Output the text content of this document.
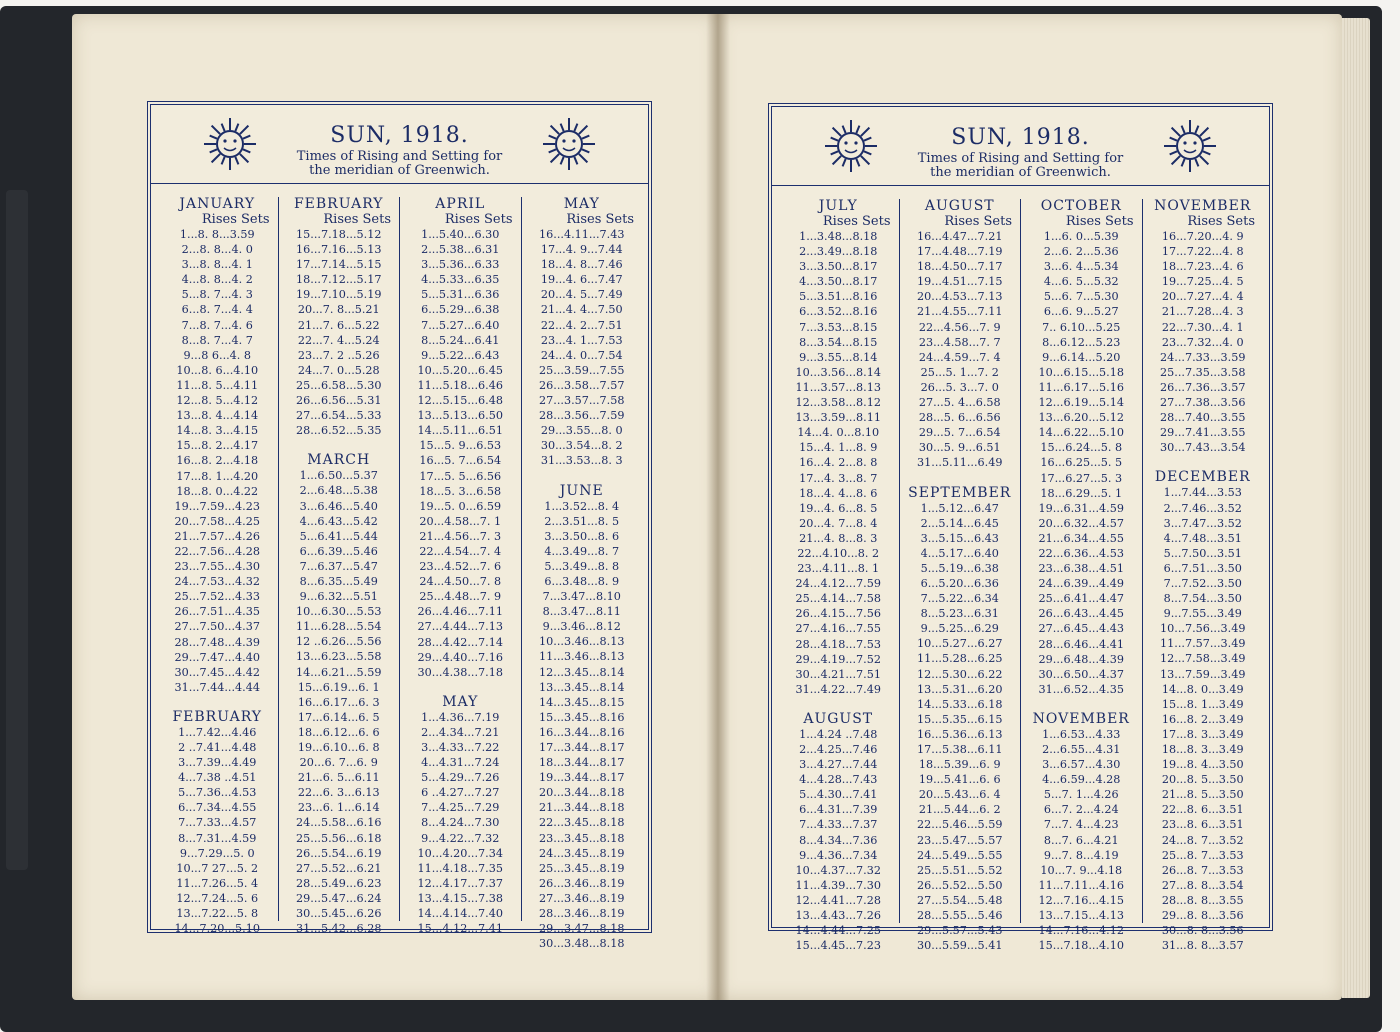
SUN, 1918.
Times of Rising and Setting for
the meridian of Greenwich.
JANUARY
Rises Sets
1...8. 8...3.59
2...8. 8...4. 0
3...8. 8...4. 1
4...8. 8...4. 2
5...8. 7...4. 3
6...8. 7...4. 4
7...8. 7...4. 6
8...8. 7...4. 7
9...8 6...4. 8
10...8. 6...4.10
11...8. 5...4.11
12...8. 5...4.12
13...8. 4...4.14
14...8. 3...4.15
15...8. 2...4.17
16...8. 2...4.18
17...8. 1...4.20
18...8. 0...4.22
19...7.59...4.23
20...7.58...4.25
21...7.57...4.26
22...7.56...4.28
23...7.55...4.30
24...7.53...4.32
25...7.52...4.33
26...7.51...4.35
27...7.50...4.37
28...7.48...4.39
29...7.47...4.40
30...7.45...4.42
31...7.44...4.44
FEBRUARY
1...7.42...4.46
2 ..7.41...4.48
3...7.39...4.49
4...7.38 ..4.51
5...7.36...4.53
6...7.34...4.55
7...7.33...4.57
8...7.31...4.59
9...7.29...5. 0
10...7 27...5. 2
11...7.26...5. 4
12...7.24...5. 6
13...7.22...5. 8
14...7.20...5.10
FEBRUARY
Rises Sets
15...7.18...5.12
16...7.16...5.13
17...7.14...5.15
18...7.12...5.17
19...7.10...5.19
20...7. 8...5.21
21...7. 6...5.22
22...7. 4...5.24
23...7. 2 ..5.26
24...7. 0...5.28
25...6.58...5.30
26...6.56...5.31
27...6.54...5.33
28...6.52...5.35
MARCH
1...6.50...5.37
2...6.48...5.38
3...6.46...5.40
4...6.43...5.42
5...6.41...5.44
6...6.39...5.46
7...6.37...5.47
8...6.35...5.49
9...6.32...5.51
10...6.30...5.53
11...6.28...5.54
12 ..6.26...5.56
13...6.23...5.58
14...6.21...5.59
15...6.19...6. 1
16...6.17...6. 3
17...6.14...6. 5
18...6.12...6. 6
19...6.10...6. 8
20...6. 7...6. 9
21...6. 5...6.11
22...6. 3...6.13
23...6. 1...6.14
24...5.58...6.16
25...5.56...6.18
26...5.54...6.19
27...5.52...6.21
28...5.49...6.23
29...5.47...6.24
30...5.45...6.26
31...5.42...6.28
APRIL
Rises Sets
1...5.40...6.30
2...5.38...6.31
3...5.36...6.33
4...5.33...6.35
5...5.31...6.36
6...5.29...6.38
7...5.27...6.40
8...5.24...6.41
9...5.22...6.43
10...5.20...6.45
11...5.18...6.46
12...5.15...6.48
13...5.13...6.50
14...5.11...6.51
15...5. 9...6.53
16...5. 7...6.54
17...5. 5...6.56
18...5. 3...6.58
19...5. 0...6.59
20...4.58...7. 1
21...4.56...7. 3
22...4.54...7. 4
23...4.52...7. 6
24...4.50...7. 8
25...4.48...7. 9
26...4.46...7.11
27...4.44...7.13
28...4.42...7.14
29...4.40...7.16
30...4.38...7.18
MAY
1...4.36...7.19
2...4.34...7.21
3...4.33...7.22
4...4.31...7.24
5...4.29...7.26
6 ..4.27...7.27
7...4.25...7.29
8...4.24...7.30
9...4.22...7.32
10...4.20...7.34
11...4.18...7.35
12...4.17...7.37
13...4.15...7.38
14...4.14...7.40
15...4.12...7.41
MAY
Rises Sets
16...4.11...7.43
17...4. 9...7.44
18...4. 8...7.46
19...4. 6...7.47
20...4. 5...7.49
21...4. 4...7.50
22...4. 2...7.51
23...4. 1...7.53
24...4. 0...7.54
25...3.59...7.55
26...3.58...7.57
27...3.57...7.58
28...3.56...7.59
29...3.55...8. 0
30...3.54...8. 2
31...3.53...8. 3
JUNE
1...3.52...8. 4
2...3.51...8. 5
3...3.50...8. 6
4...3.49...8. 7
5...3.49...8. 8
6...3.48...8. 9
7...3.47...8.10
8...3.47...8.11
9...3.46...8.12
10...3.46...8.13
11...3.46...8.13
12...3.45...8.14
13...3.45...8.14
14...3.45...8.15
15...3.45...8.16
16...3.44...8.16
17...3.44...8.17
18...3.44...8.17
19...3.44...8.17
20...3.44...8.18
21...3.44...8.18
22...3.45...8.18
23...3.45...8.18
24...3.45...8.19
25...3.45...8.19
26...3.46...8.19
27...3.46...8.19
28...3.46...8.19
29...3.47...8.18
30...3.48...8.18
SUN, 1918.
Times of Rising and Setting for
the meridian of Greenwich.
JULY
Rises Sets
1...3.48...8.18
2...3.49...8.18
3...3.50...8.17
4...3.50...8.17
5...3.51...8.16
6...3.52...8.16
7...3.53...8.15
8...3.54...8.15
9...3.55...8.14
10...3.56...8.14
11...3.57...8.13
12...3.58...8.12
13...3.59...8.11
14...4. 0...8.10
15...4. 1...8. 9
16...4. 2...8. 8
17...4. 3...8. 7
18...4. 4...8. 6
19...4. 6...8. 5
20...4. 7...8. 4
21...4. 8...8. 3
22...4.10...8. 2
23...4.11...8. 1
24...4.12...7.59
25...4.14...7.58
26...4.15...7.56
27...4.16...7.55
28...4.18...7.53
29...4.19...7.52
30...4.21...7.51
31...4.22...7.49
AUGUST
1...4.24 ..7.48
2...4.25...7.46
3...4.27...7.44
4...4.28...7.43
5...4.30...7.41
6...4.31...7.39
7...4.33...7.37
8...4.34...7.36
9...4.36...7.34
10...4.37...7.32
11...4.39...7.30
12...4.41...7.28
13...4.43...7.26
14...4.44...7.25
15...4.45...7.23
AUGUST
Rises Sets
16...4.47...7.21
17...4.48...7.19
18...4.50...7.17
19...4.51...7.15
20...4.53...7.13
21...4.55...7.11
22...4.56...7. 9
23...4.58...7. 7
24...4.59...7. 4
25...5. 1...7. 2
26...5. 3...7. 0
27...5. 4...6.58
28...5. 6...6.56
29...5. 7...6.54
30...5. 9...6.51
31...5.11...6.49
SEPTEMBER
1...5.12...6.47
2...5.14...6.45
3...5.15...6.43
4...5.17...6.40
5...5.19...6.38
6...5.20...6.36
7...5.22...6.34
8...5.23...6.31
9...5.25...6.29
10...5.27...6.27
11...5.28...6.25
12...5.30...6.22
13...5.31...6.20
14...5.33...6.18
15...5.35...6.15
16...5.36...6.13
17...5.38...6.11
18...5.39...6. 9
19...5.41...6. 6
20...5.43...6. 4
21...5.44...6. 2
22...5.46...5.59
23...5.47...5.57
24...5.49...5.55
25...5.51...5.52
26...5.52...5.50
27...5.54...5.48
28...5.55...5.46
29...5.57...5.43
30...5.59...5.41
OCTOBER
Rises Sets
1...6. 0...5.39
2...6. 2...5.36
3...6. 4...5.34
4...6. 5...5.32
5...6. 7...5.30
6...6. 9...5.27
7.. 6.10...5.25
8...6.12...5.23
9...6.14...5.20
10...6.15...5.18
11...6.17...5.16
12...6.19...5.14
13...6.20...5.12
14...6.22...5.10
15...6.24...5. 8
16...6.25...5. 5
17...6.27...5. 3
18...6.29...5. 1
19...6.31...4.59
20...6.32...4.57
21...6.34...4.55
22...6.36...4.53
23...6.38...4.51
24...6.39...4.49
25...6.41...4.47
26...6.43...4.45
27...6.45...4.43
28...6.46...4.41
29...6.48...4.39
30...6.50...4.37
31...6.52...4.35
NOVEMBER
1...6.53...4.33
2...6.55...4.31
3...6.57...4.30
4...6.59...4.28
5...7. 1...4.26
6...7. 2...4.24
7...7. 4...4.23
8...7. 6...4.21
9...7. 8...4.19
10...7. 9...4.18
11...7.11...4.16
12...7.16...4.15
13...7.15...4.13
14...7.16...4.12
15...7.18...4.10
NOVEMBER
Rises Sets
16...7.20...4. 9
17...7.22...4. 8
18...7.23...4. 6
19...7.25...4. 5
20...7.27...4. 4
21...7.28...4. 3
22...7.30...4. 1
23...7.32...4. 0
24...7.33...3.59
25...7.35...3.58
26...7.36...3.57
27...7.38...3.56
28...7.40...3.55
29...7.41...3.55
30...7.43...3.54
DECEMBER
1...7.44...3.53
2...7.46...3.52
3...7.47...3.52
4...7.48...3.51
5...7.50...3.51
6...7.51...3.50
7...7.52...3.50
8...7.54...3.50
9...7.55...3.49
10...7.56...3.49
11...7.57...3.49
12...7.58...3.49
13...7.59...3.49
14...8. 0...3.49
15...8. 1...3.49
16...8. 2...3.49
17...8. 3...3.49
18...8. 3...3.49
19...8. 4...3.50
20...8. 5...3.50
21...8. 5...3.50
22...8. 6...3.51
23...8. 6...3.51
24...8. 7...3.52
25...8. 7...3.53
26...8. 7...3.53
27...8. 8...3.54
28...8. 8...3.55
29...8. 8...3.56
30...8. 8...3.56
31...8. 8...3.57
